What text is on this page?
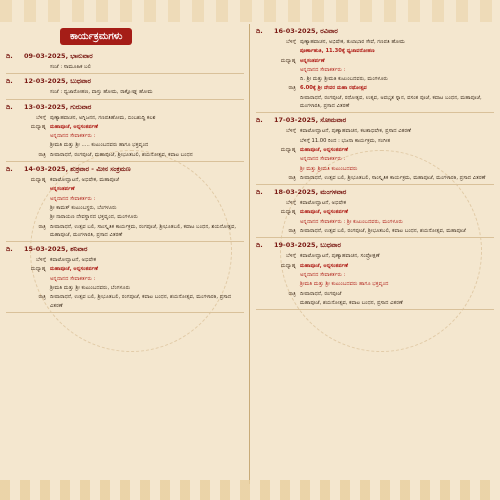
ಕಾರ್ಯಕ್ರಮಗಳು
ದಿ.	09-03-2025, ಭಾನುವಾರ
ಸಂಜೆ : ಸಾಮೂಹಿಕ ಬಲಿ
ದಿ.	12-03-2025, ಬುಧವಾರ
ಸಂಜೆ : ಧ್ವಜಾರೋಹಣ, ವಾಸ್ತು ಹೋಮ, ರಾಕ್ಷೋಘ್ನ ಹೋಮ
ದಿ.	13-03-2025, ಗುರುವಾರ
ಬೆಳಿಗ್ಗೆ ಪುಣ್ಯಾಹವಾಚನ, ಅಗ್ನಿಜನನ, ಗಣಪತಿಹೋಮ, ಬಿಂಬಶುದ್ಧಿ ಕಲಶ
ಮಧ್ಯಾಹ್ನ ಮಹಾಪೂಜೆ, ಅನ್ನಸಂತರ್ಪಣೆ
ಅನ್ನದಾನದ ಸೇವಾಕರ್ತರು :
ಶ್ರೀಮತಿ ಮತ್ತು ಶ್ರೀ ..... ಕುಟುಂಬದವರು ಹಾಗೂ ಭಕ್ತವೃಂದ
ರಾತ್ರಿ ದೀಪಾರಾಧನೆ, ರಂಗಪೂಜೆ, ಮಹಾಪೂಜೆ, ಶ್ರೀಭೂತಬಲಿ, ಶಯನೋತ್ಸವ, ಕವಾಟ ಬಂಧನ
ದಿ.	14-03-2025, ಶುಕ್ರವಾರ - ಮೀನ ಸಂಕ್ರಮಣ
ಮಧ್ಯಾಹ್ನ ಕವಾಟೋದ್ಘಾಟನೆ, ಅಭಿಷೇಕ, ಮಹಾಪೂಜೆ
ಅನ್ನಸಂತರ್ಪಣೆ
ಅನ್ನದಾನದ ಸೇವಾಕರ್ತರು :
ಶ್ರೀ ಕಾಮತ್ ಕುಟುಂಬಸ್ಥರು, ಬೆಂಗಳೂರು
ಶ್ರೀ ನಾರಾಯಣ ದೇವಸ್ಥಾನದ ಭಕ್ತವೃಂದ, ಮಂಗಳೂರು
ರಾತ್ರಿ ದೀಪಾರಾಧನೆ, ಉತ್ಸವ ಬಲಿ, ಸಾಂಸ್ಕೃತಿಕ ಕಾರ್ಯಕ್ರಮ, ರಂಗಪೂಜೆ, ಶ್ರೀಭೂತಬಲಿ, ಕವಾಟ ಬಂಧನ, ಶಯನೋತ್ಸವ, ಮಹಾಪೂಜೆ, ಮಂಗಳಾರತಿ, ಪ್ರಸಾದ ವಿತರಣೆ
ದಿ.	15-03-2025, ಶನಿವಾರ
ಬೆಳಿಗ್ಗೆ ಕವಾಟೋದ್ಘಾಟನೆ, ಅಭಿಷೇಕ
ಮಧ್ಯಾಹ್ನ ಮಹಾಪೂಜೆ, ಅನ್ನಸಂತರ್ಪಣೆ
ಅನ್ನದಾನದ ಸೇವಾಕರ್ತರು :
ಶ್ರೀಮತಿ ಮತ್ತು ಶ್ರೀ ಕುಟುಂಬದವರು, ಬೆಂಗಳೂರು
ರಾತ್ರಿ ದೀಪಾರಾಧನೆ, ಉತ್ಸವ ಬಲಿ, ಶ್ರೀಭೂತಬಲಿ, ರಂಗಪೂಜೆ, ಕವಾಟ ಬಂಧನ, ಶಯನೋತ್ಸವ, ಮಂಗಳಾರತಿ, ಪ್ರಸಾದ ವಿತರಣೆ
ದಿ.	16-03-2025, ರವಿವಾರ
ಬೆಳಿಗ್ಗೆ ಪುಣ್ಯಾಹವಾಚನ, ಅಭಿಷೇಕ, ತುಲಾಭಾರ ಸೇವೆ, ಗಣಪತಿ ಹೋಮ
ಪೂರ್ಣಾಹುತಿ, 11.30ಕ್ಕೆ ಧ್ವಜಾವರೋಹಣ
ಮಧ್ಯಾಹ್ನ ಅನ್ನಸಂತರ್ಪಣೆ
ಅನ್ನದಾನದ ಸೇವಾಕರ್ತರು :
ದಿ. ಶ್ರೀ ಮತ್ತು ಶ್ರೀಮತಿ ಕುಟುಂಬದವರು, ಮಂಗಳೂರು
ರಾತ್ರಿ 6.00ಕ್ಕೆ ಶ್ರೀ ದೇವರ ಮಹಾ ರಥೋತ್ಸವ
ದೀಪಾರಾಧನೆ, ರಂಗಪೂಜೆ, ರಥೋತ್ಸವ, ಉತ್ಸವ, ಅವಭೃತ ಸ್ನಾನ, ವಸಂತ ಪೂಜೆ, ಕವಾಟ ಬಂಧನ, ಮಹಾಪೂಜೆ, ಮಂಗಳಾರತಿ, ಪ್ರಸಾದ ವಿತರಣೆ
ದಿ.	17-03-2025, ಸೋಮವಾರ
ಬೆಳಿಗ್ಗೆ ಕವಾಟೋದ್ಘಾಟನೆ, ಪುಣ್ಯಾಹವಾಚನ, ಕಲಶಾಭಿಷೇಕ, ಪ್ರಸಾದ ವಿತರಣೆ
ಬೆಳಿಗ್ಗೆ 11.00 ರಿಂದ : ಭಜನಾ ಕಾರ್ಯಕ್ರಮ, ಸಂಗೀತ
ಮಧ್ಯಾಹ್ನ ಮಹಾಪೂಜೆ, ಅನ್ನಸಂತರ್ಪಣೆ
ಅನ್ನದಾನದ ಸೇವಾಕರ್ತರು :
ಶ್ರೀ ಮತ್ತು ಶ್ರೀಮತಿ ಕುಟುಂಬದವರು
ರಾತ್ರಿ ದೀಪಾರಾಧನೆ, ಉತ್ಸವ ಬಲಿ, ಶ್ರೀಭೂತಬಲಿ, ಸಾಂಸ್ಕೃತಿಕ ಕಾರ್ಯಕ್ರಮ, ಮಹಾಪೂಜೆ, ಮಂಗಳಾರತಿ, ಪ್ರಸಾದ ವಿತರಣೆ
ದಿ.	18-03-2025, ಮಂಗಳವಾರ
ಬೆಳಿಗ್ಗೆ ಕವಾಟೋದ್ಘಾಟನೆ, ಅಭಿಷೇಕ
ಮಧ್ಯಾಹ್ನ ಮಹಾಪೂಜೆ, ಅನ್ನಸಂತರ್ಪಣೆ
ಅನ್ನದಾನದ ಸೇವಾಕರ್ತರು : ಶ್ರೀ ಕುಟುಂಬದವರು, ಮಂಗಳೂರು
ರಾತ್ರಿ ದೀಪಾರಾಧನೆ, ಉತ್ಸವ ಬಲಿ, ರಂಗಪೂಜೆ, ಶ್ರೀಭೂತಬಲಿ, ಕವಾಟ ಬಂಧನ, ಶಯನೋತ್ಸವ, ಮಹಾಪೂಜೆ
ದಿ.	19-03-2025, ಬುಧವಾರ
ಬೆಳಿಗ್ಗೆ ಕವಾಟೋದ್ಘಾಟನೆ, ಪುಣ್ಯಾಹವಾಚನ, ಸಂಪ್ರೋಕ್ಷಣೆ
ಮಧ್ಯಾಹ್ನ ಮಹಾಪೂಜೆ, ಅನ್ನಸಂತರ್ಪಣೆ
ಅನ್ನದಾನದ ಸೇವಾಕರ್ತರು :
ಶ್ರೀಮತಿ ಮತ್ತು ಶ್ರೀ ಕುಟುಂಬದವರು ಹಾಗೂ ಭಕ್ತವೃಂದ
ರಾತ್ರಿ ದೀಪಾರಾಧನೆ, ರಂಗಪೂಜೆ
ಮಹಾಪೂಜೆ, ಶಯನೋತ್ಸವ, ಕವಾಟ ಬಂಧನ, ಪ್ರಸಾದ ವಿತರಣೆ
